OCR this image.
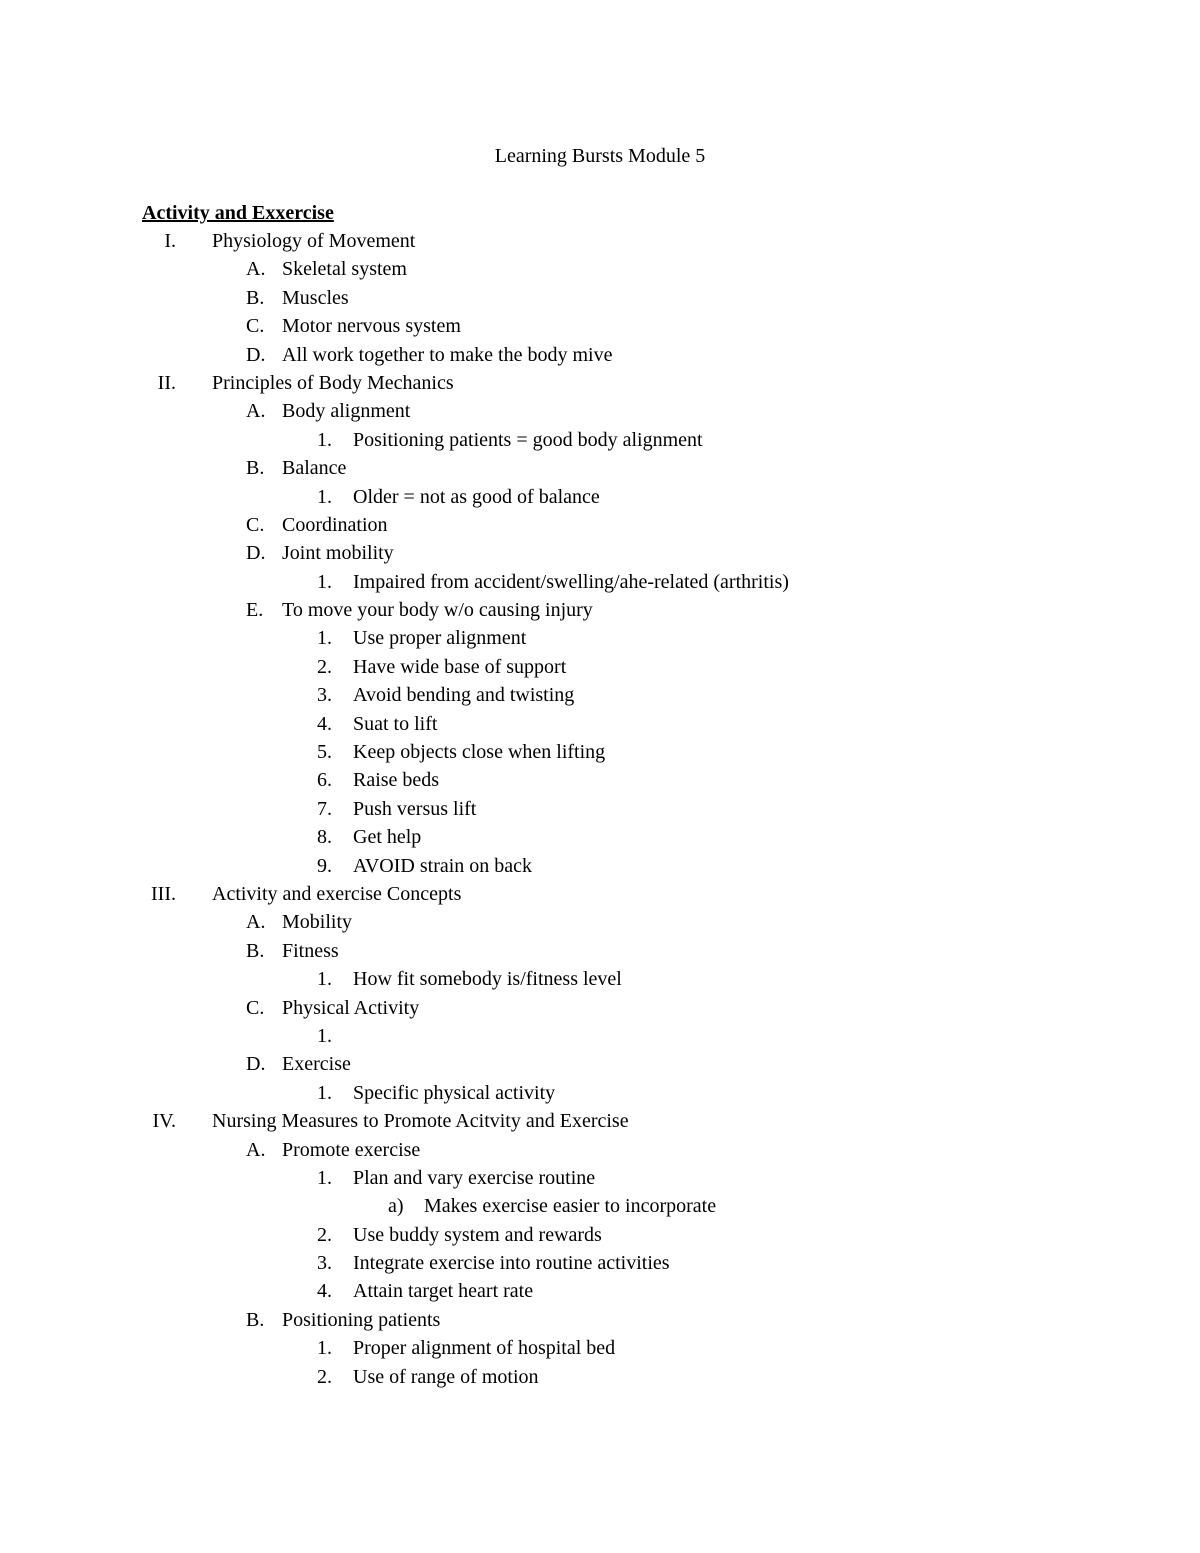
Learning Bursts Module 5
Activity and Exxercise
I. Physiology of Movement
A. Skeletal system
B. Muscles
C. Motor nervous system
D. All work together to make the body mive
II. Principles of Body Mechanics
A. Body alignment
1. Positioning patients = good body alignment
B. Balance
1. Older = not as good of balance
C. Coordination
D. Joint mobility
1. Impaired from accident/swelling/ahe-related (arthritis)
E. To move your body w/o causing injury
1. Use proper alignment
2. Have wide base of support
3. Avoid bending and twisting
4. Suat to lift
5. Keep objects close when lifting
6. Raise beds
7. Push versus lift
8. Get help
9. AVOID strain on back
III. Activity and exercise Concepts
A. Mobility
B. Fitness
1. How fit somebody is/fitness level
C. Physical Activity
1.
D. Exercise
1. Specific physical activity
IV. Nursing Measures to Promote Acitvity and Exercise
A. Promote exercise
1. Plan and vary exercise routine
a) Makes exercise easier to incorporate
2. Use buddy system and rewards
3. Integrate exercise into routine activities
4. Attain target heart rate
B. Positioning patients
1. Proper alignment of hospital bed
2. Use of range of motion
